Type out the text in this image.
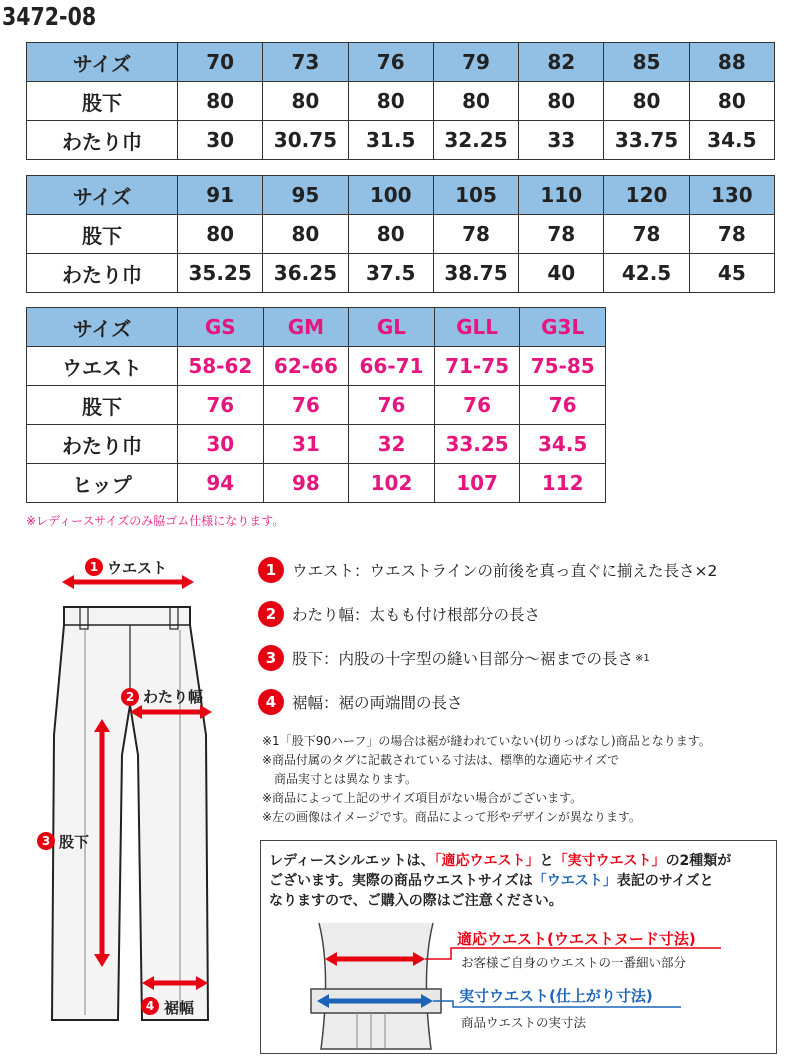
3472-08
サイズ	70	73	76	79	82	85	88
股下	80	80	80	80	80	80	80
わたり巾	30	30.75	31.5	32.25	33	33.75	34.5
サイズ	91	95	100	105	110	120	130
股下	80	80	80	78	78	78	78
わたり巾	35.25	36.25	37.5	38.75	40	42.5	45
サイズ	GS	GM	GL	GLL	G3L
ウエスト	58-62	62-66	66-71	71-75	75-85
股下	76	76	76	76	76
わたり巾	30	31	32	33.25	34.5
ヒップ	94	98	102	107	112
※レディースサイズのみ脇ゴム仕様になります。
1 ウエスト
2 わたり幅
3 股下
4 裾幅
1	ウエスト：ウエストラインの前後を真っ直ぐに揃えた長さ×2
2	わたり幅：太もも付け根部分の長さ
3	股下：内股の十字型の縫い目部分〜裾までの長さ ※1
4	裾幅：裾の両端間の長さ
※1「股下90ハーフ」の場合は裾が縫われていない(切りっぱなし)商品となります。
※商品付属のタグに記載されている寸法は、標準的な適応サイズで
　商品実寸とは異なります。
※商品によって上記のサイズ項目がない場合がございます。
※左の画像はイメージです。商品によって形やデザインが異なります。
レディースシルエットは、「適応ウエスト」と「実寸ウエスト」の2種類が
ございます。実際の商品ウエストサイズは「ウエスト」表記のサイズと
なりますので、ご購入の際はご注意ください。
適応ウエスト(ウエストヌード寸法)
お客様ご自身のウエストの一番細い部分
実寸ウエスト(仕上がり寸法)
商品ウエストの実寸法
